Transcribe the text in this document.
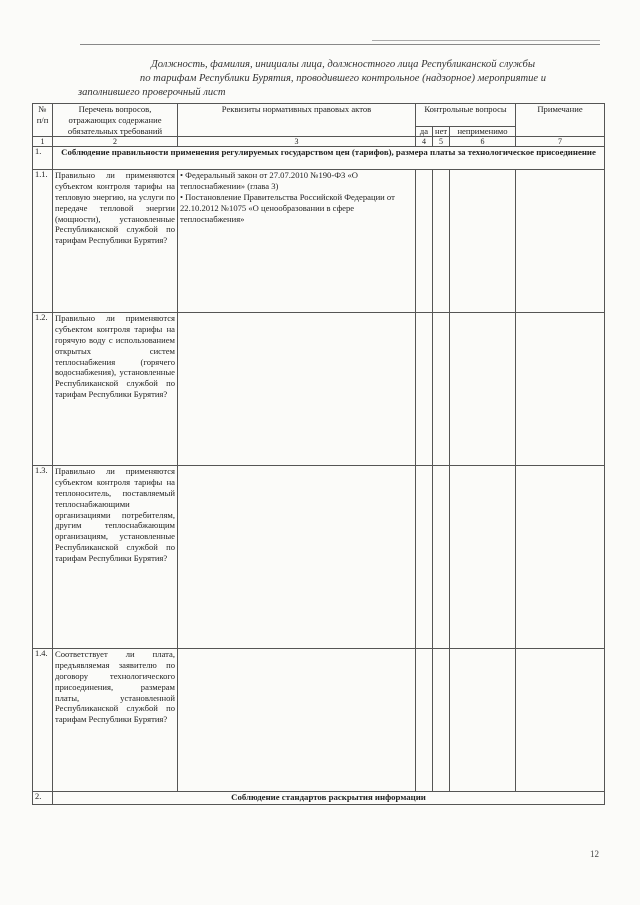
Должность, фамилия, инициалы лица, должностного лица Республиканской службы
по тарифам Республики Бурятия, проводившего контрольное (надзорное) мероприятие и

заполнившего проверочный лист
№ п/п	Перечень вопросов, отражающих содержание обязательных требований	Реквизиты нормативных правовых актов	Контрольные вопросы			Примечание
			да	нет	неприменимо	
1	2	3	4	5	6	7
1.	Соблюдение правильности применения регулируемых государством цен (тарифов), размера платы за технологическое присоединение					
1.1.	Правильно ли применяются субъектом контроля тарифы на тепловую энергию, на услуги по передаче тепловой энергии (мощности), установленные Республиканской службой по тарифам Республики Бурятия?	• Федеральный закон от 27.07.2010 №190-ФЗ «О теплоснабжении» (глава 3)
• Постановление Правительства Российской Федерации от 22.10.2012 №1075 «О ценообразовании в сфере теплоснабжения»				

1.2.	Правильно ли применяются субъектом контроля тарифы на горячую воду с использованием открытых систем теплоснабжения (горячего водоснабжения), установленные Республиканской службой по тарифам Республики Бурятия?					
1.3.	Правильно ли применяются субъектом контроля тарифы на теплоноситель, поставляемый теплоснабжающими организациями потребителям, другим теплоснабжающим организациям, установленные Республиканской службой по тарифам Республики Бурятия?					
1.4.	Соответствует ли плата, предъявляемая заявителю по договору технологического присоединения, размерам платы, установленной Республиканской службой по тарифам Республики Бурятия?					
2.	Соблюдение стандартов раскрытия информации					
12
